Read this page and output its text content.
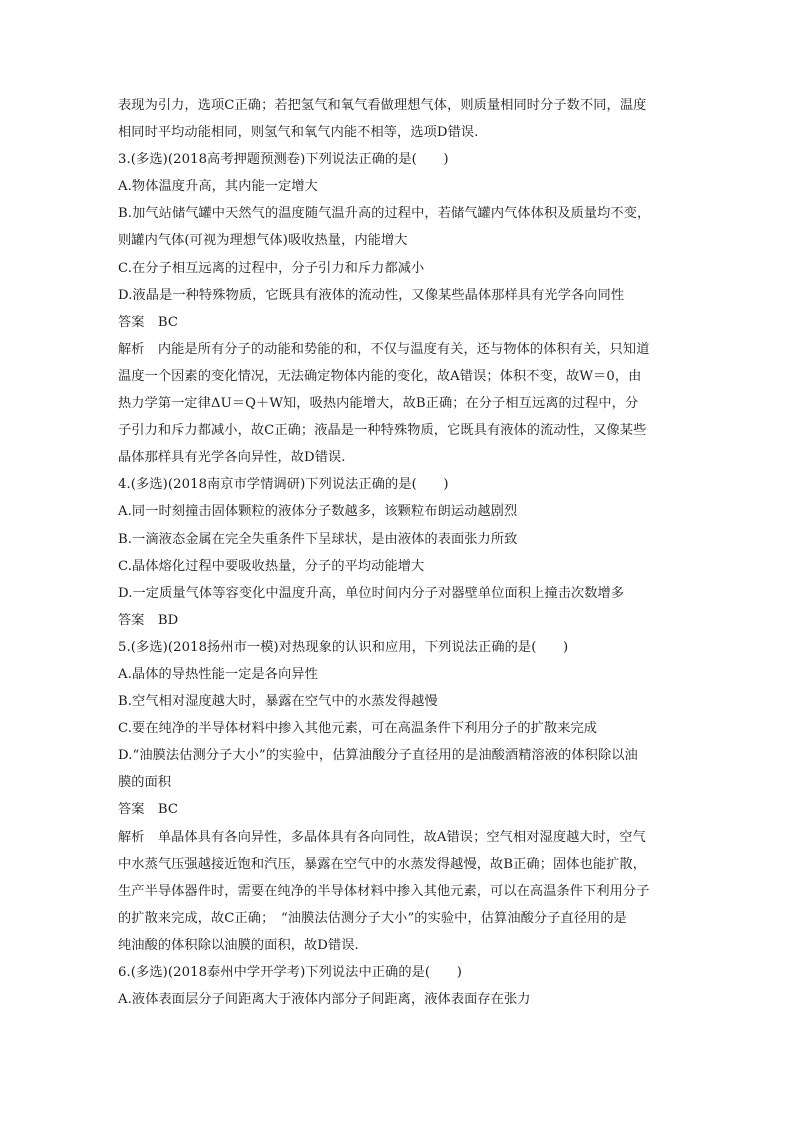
表现为引力，选项C正确；若把氢气和氧气看做理想气体，则质量相同时分子数不同，温度
相同时平均动能相同，则氢气和氧气内能不相等，选项D错误.
3.(多选)(2018高考押题预测卷)下列说法正确的是(　　)
A.物体温度升高，其内能一定增大
B.加气站储气罐中天然气的温度随气温升高的过程中，若储气罐内气体体积及质量均不变，
则罐内气体(可视为理想气体)吸收热量，内能增大
C.在分子相互远离的过程中，分子引力和斥力都减小
D.液晶是一种特殊物质，它既具有液体的流动性，又像某些晶体那样具有光学各向同性
答案　BC
解析　内能是所有分子的动能和势能的和，不仅与温度有关，还与物体的体积有关，只知道
温度一个因素的变化情况，无法确定物体内能的变化，故A错误；体积不变，故W＝0，由
热力学第一定律ΔU＝Q＋W知，吸热内能增大，故B正确；在分子相互远离的过程中，分
子引力和斥力都减小，故C正确；液晶是一种特殊物质，它既具有液体的流动性，又像某些
晶体那样具有光学各向异性，故D错误.
4.(多选)(2018南京市学情调研)下列说法正确的是(　　)
A.同一时刻撞击固体颗粒的液体分子数越多，该颗粒布朗运动越剧烈
B.一滴液态金属在完全失重条件下呈球状，是由液体的表面张力所致
C.晶体熔化过程中要吸收热量，分子的平均动能增大
D.一定质量气体等容变化中温度升高，单位时间内分子对器壁单位面积上撞击次数增多
答案　BD
5.(多选)(2018扬州市一模)对热现象的认识和应用，下列说法正确的是(　　)
A.晶体的导热性能一定是各向异性
B.空气相对湿度越大时，暴露在空气中的水蒸发得越慢
C.要在纯净的半导体材料中掺入其他元素，可在高温条件下利用分子的扩散来完成
D.“油膜法估测分子大小”的实验中，估算油酸分子直径用的是油酸酒精溶液的体积除以油
膜的面积
答案　BC
解析　单晶体具有各向异性，多晶体具有各向同性，故A错误；空气相对湿度越大时，空气
中水蒸气压强越接近饱和汽压，暴露在空气中的水蒸发得越慢，故B正确；固体也能扩散，
生产半导体器件时，需要在纯净的半导体材料中掺入其他元素，可以在高温条件下利用分子
的扩散来完成，故C正确；　“油膜法估测分子大小”的实验中，估算油酸分子直径用的是
纯油酸的体积除以油膜的面积，故D错误.
6.(多选)(2018泰州中学开学考)下列说法中正确的是(　　)
A.液体表面层分子间距离大于液体内部分子间距离，液体表面存在张力
